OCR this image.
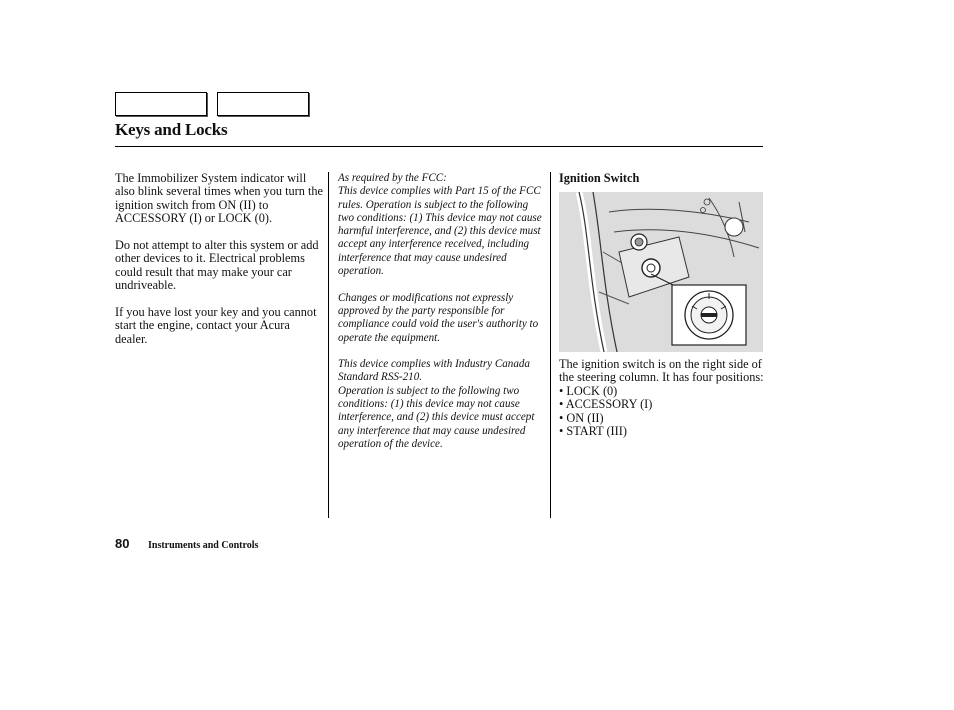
Keys and Locks

The Immobilizer System indicator will also blink several times when you turn the ignition switch from ON (II) to ACCESSORY (I) or LOCK (0).

Do not attempt to alter this system or add other devices to it. Electrical problems could result that may make your car undriveable.

If you have lost your key and you cannot start the engine, contact your Acura dealer.

As required by the FCC:

This device complies with Part 15 of the FCC rules. Operation is subject to the following two conditions: (1) This device may not cause harmful interference, and (2) this device must accept any interference received, including interference that may cause undesired operation.

Changes or modifications not expressly approved by the party responsible for compliance could void the user's authority to operate the equipment.

This device complies with Industry Canada Standard RSS-210.

Operation is subject to the following two conditions: (1) this device may not cause interference, and (2) this device must accept any interference that may cause undesired operation of the device.

Ignition Switch

The ignition switch is on the right side of the steering column. It has four positions:
• LOCK (0)
• ACCESSORY (I)
• ON (II)
• START (III)
80 Instruments and Controls
